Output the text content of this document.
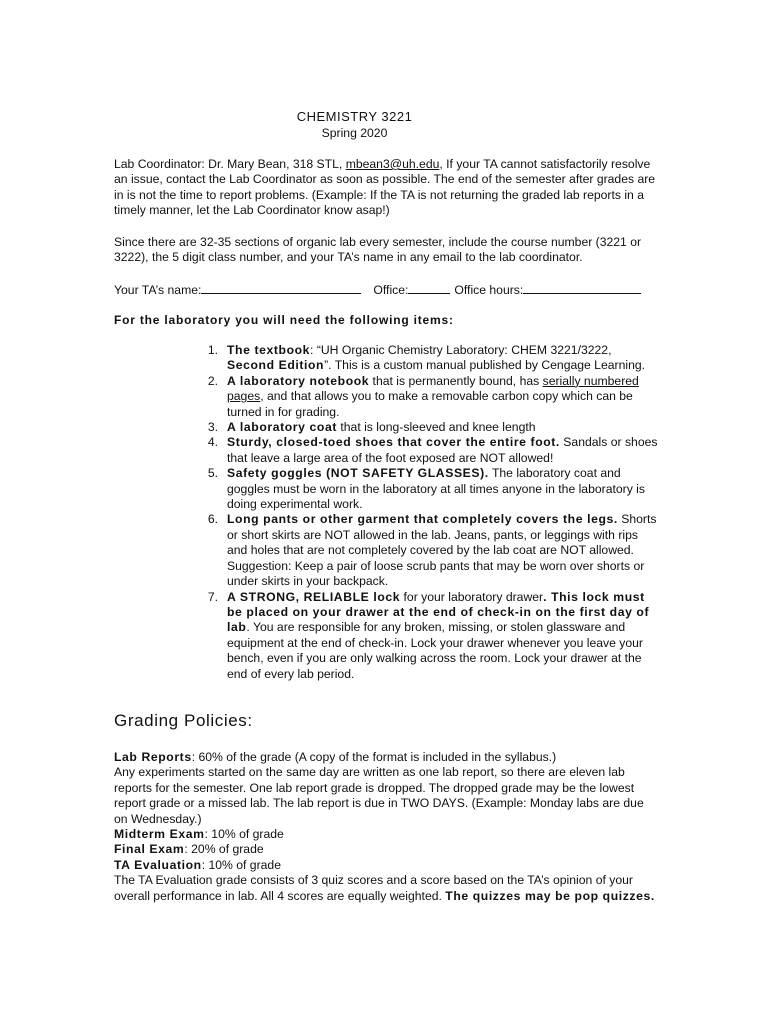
CHEMISTRY 3221
Spring 2020
Lab Coordinator: Dr. Mary Bean, 318 STL, mbean3@uh.edu, If your TA cannot satisfactorily resolve an issue, contact the Lab Coordinator as soon as possible. The end of the semester after grades are in is not the time to report problems. (Example: If the TA is not returning the graded lab reports in a timely manner, let the Lab Coordinator know asap!)
Since there are 32-35 sections of organic lab every semester, include the course number (3221 or 3222), the 5 digit class number, and your TA’s name in any email to the lab coordinator.
Your TA’s name:	Office:	Office hours:
For the laboratory you will need the following items:
1. The textbook: “UH Organic Chemistry Laboratory: CHEM 3221/3222, Second Edition”. This is a custom manual published by Cengage Learning.
2. A laboratory notebook that is permanently bound, has serially numbered pages, and that allows you to make a removable carbon copy which can be turned in for grading.
3. A laboratory coat that is long-sleeved and knee length
4. Sturdy, closed-toed shoes that cover the entire foot. Sandals or shoes that leave a large area of the foot exposed are NOT allowed!
5. Safety goggles (NOT SAFETY GLASSES). The laboratory coat and goggles must be worn in the laboratory at all times anyone in the laboratory is doing experimental work.
6. Long pants or other garment that completely covers the legs. Shorts or short skirts are NOT allowed in the lab. Jeans, pants, or leggings with rips and holes that are not completely covered by the lab coat are NOT allowed. Suggestion: Keep a pair of loose scrub pants that may be worn over shorts or under skirts in your backpack.
7. A STRONG, RELIABLE lock for your laboratory drawer. This lock must be placed on your drawer at the end of check-in on the first day of lab. You are responsible for any broken, missing, or stolen glassware and equipment at the end of check-in. Lock your drawer whenever you leave your bench, even if you are only walking across the room. Lock your drawer at the end of every lab period.
Grading Policies:
Lab Reports: 60% of the grade (A copy of the format is included in the syllabus.)
Any experiments started on the same day are written as one lab report, so there are eleven lab reports for the semester. One lab report grade is dropped. The dropped grade may be the lowest report grade or a missed lab. The lab report is due in TWO DAYS. (Example: Monday labs are due on Wednesday.)
Midterm Exam: 10% of grade
Final Exam: 20% of grade
TA Evaluation: 10% of grade
The TA Evaluation grade consists of 3 quiz scores and a score based on the TA’s opinion of your overall performance in lab. All 4 scores are equally weighted. The quizzes may be pop quizzes.
